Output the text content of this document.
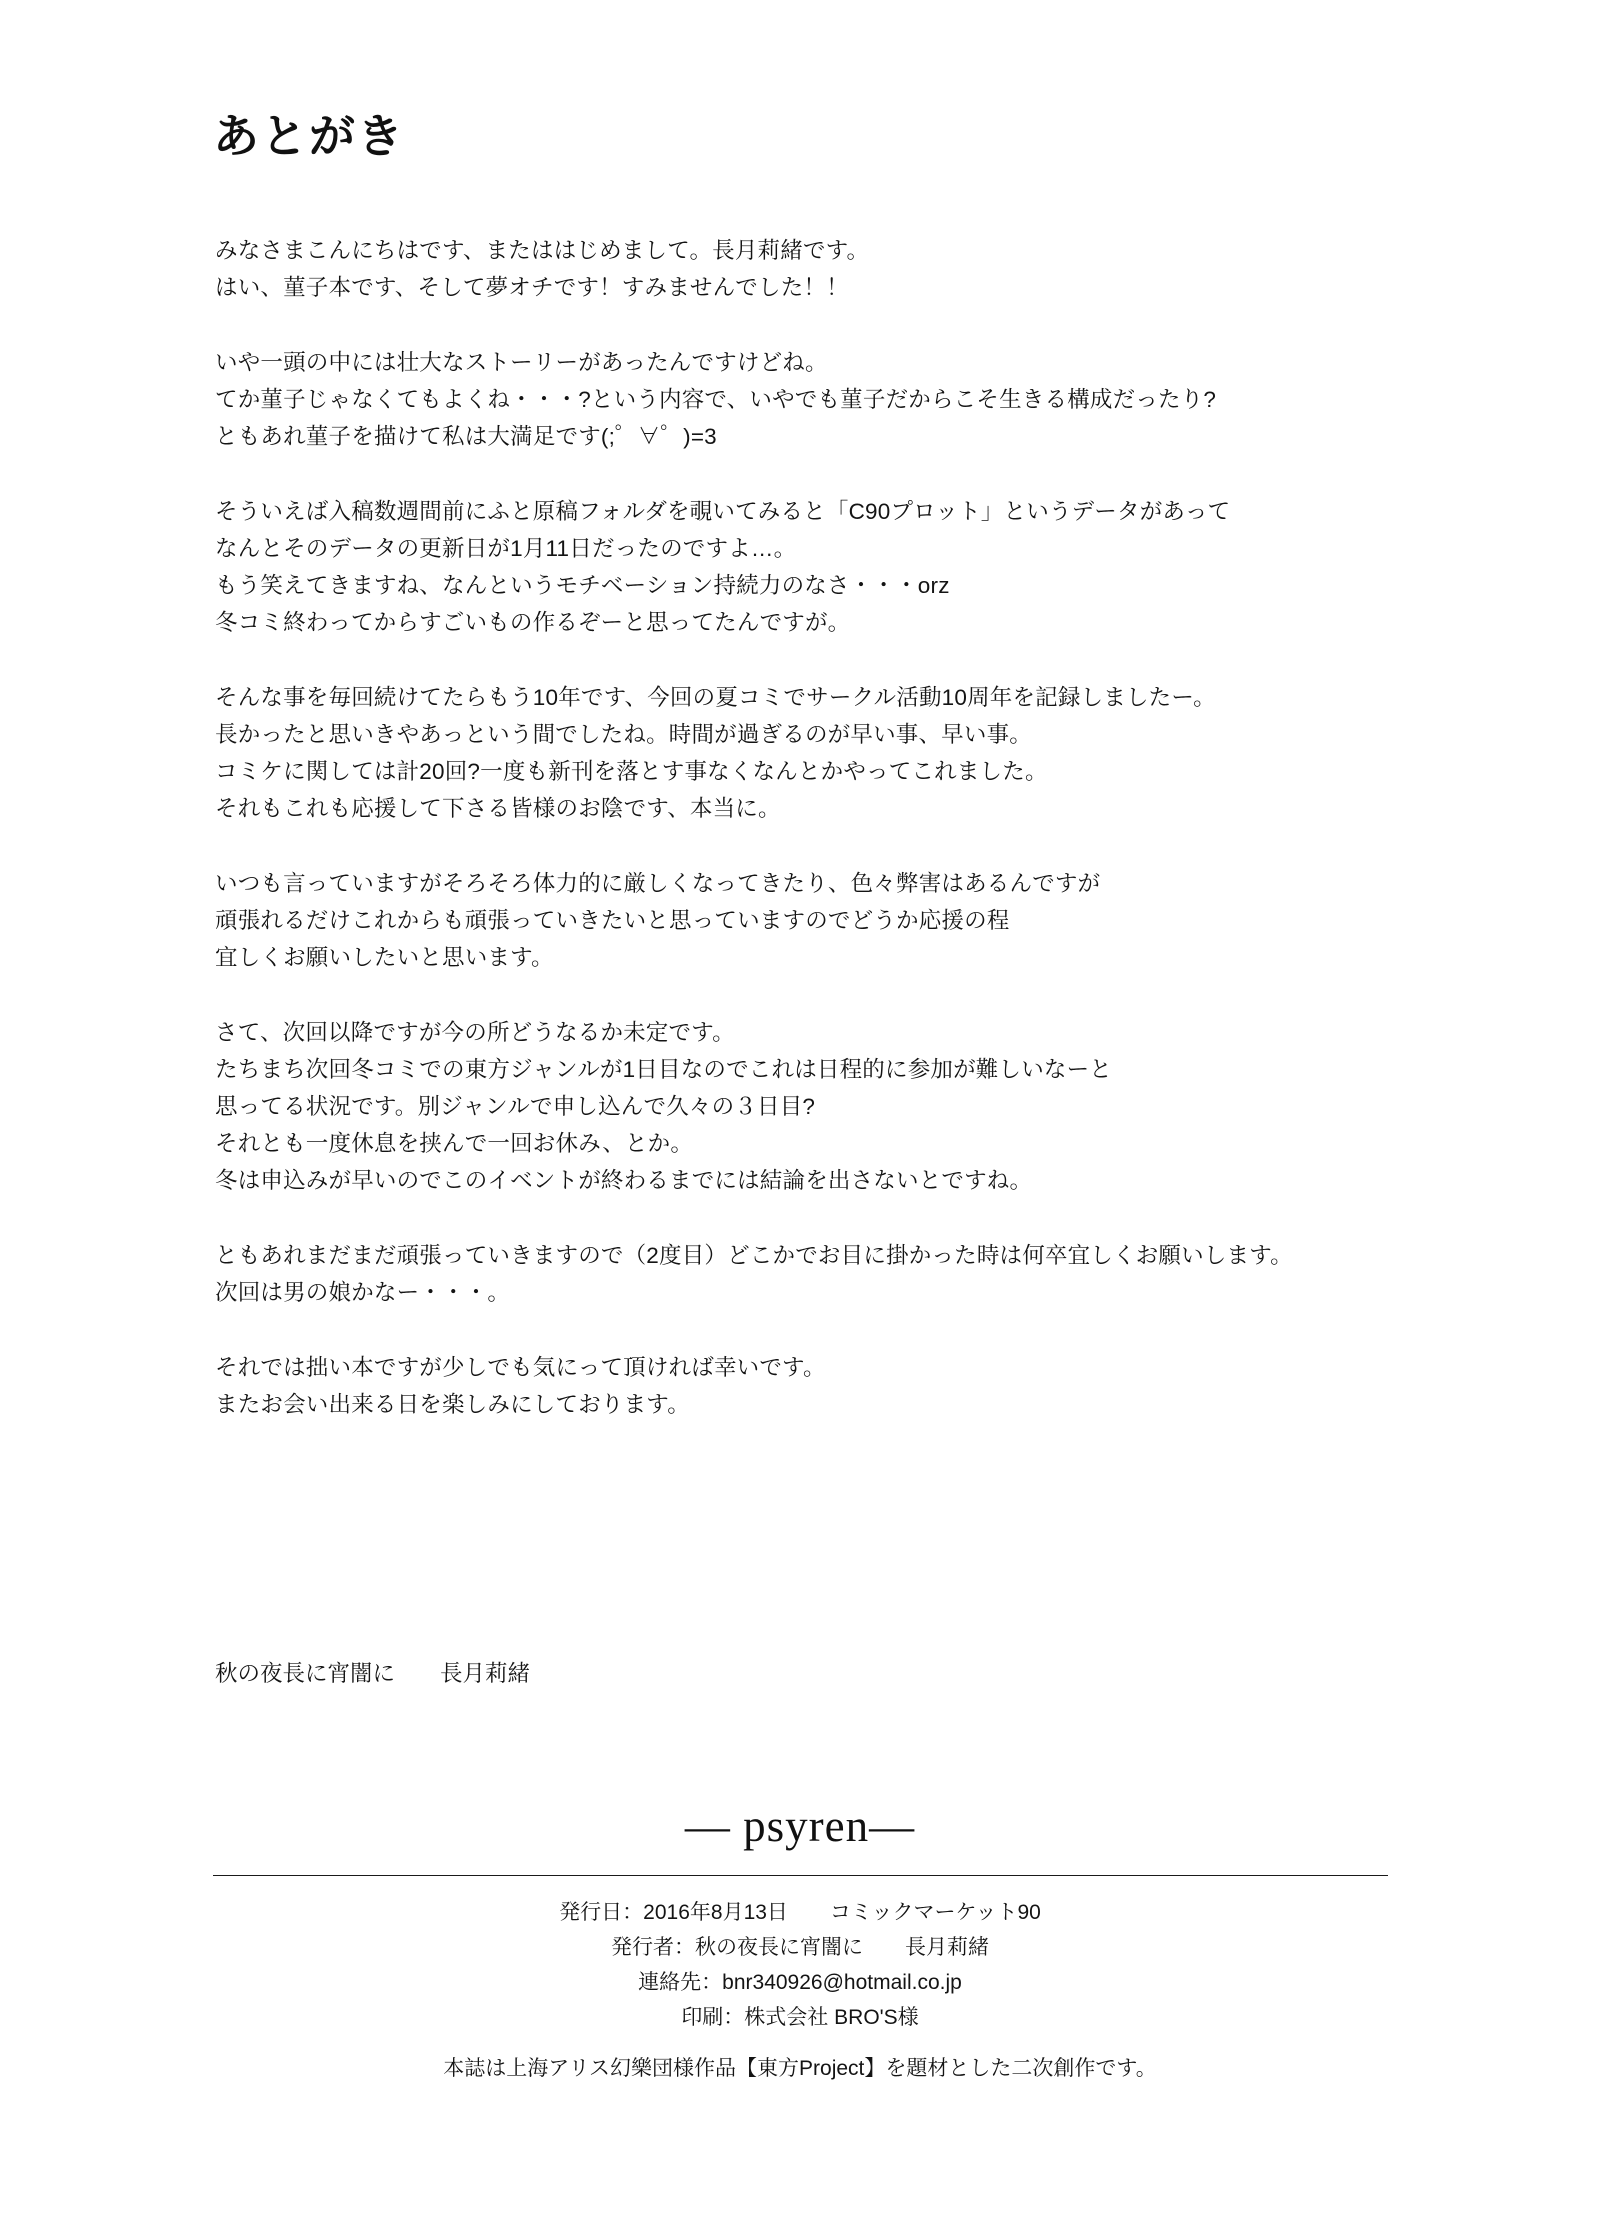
あとがき
みなさまこんにちはです、またははじめまして。長月莉緒です。
はい、菫子本です、そして夢オチです！すみませんでした！！
いや一頭の中には壮大なストーリーがあったんですけどね。
てか菫子じゃなくてもよくね・・・?という内容で、いやでも菫子だからこそ生きる構成だったり?
ともあれ菫子を描けて私は大満足です(;゜∀゜)=3
そういえば入稿数週間前にふと原稿フォルダを覗いてみると「C90プロット」というデータがあって
なんとそのデータの更新日が1月11日だったのですよ…。
もう笑えてきますね、なんというモチベーション持続力のなさ・・・orz
冬コミ終わってからすごいもの作るぞーと思ってたんですが。
そんな事を毎回続けてたらもう10年です、今回の夏コミでサークル活動10周年を記録しましたー。
長かったと思いきやあっという間でしたね。時間が過ぎるのが早い事、早い事。
コミケに関しては計20回?一度も新刊を落とす事なくなんとかやってこれました。
それもこれも応援して下さる皆様のお陰です、本当に。
いつも言っていますがそろそろ体力的に厳しくなってきたり、色々弊害はあるんですが
頑張れるだけこれからも頑張っていきたいと思っていますのでどうか応援の程
宜しくお願いしたいと思います。
さて、次回以降ですが今の所どうなるか未定です。
たちまち次回冬コミでの東方ジャンルが1日目なのでこれは日程的に参加が難しいなーと
思ってる状況です。別ジャンルで申し込んで久々の３日目?
それとも一度休息を挟んで一回お休み、とか。
冬は申込みが早いのでこのイベントが終わるまでには結論を出さないとですね。
ともあれまだまだ頑張っていきますので（2度目）どこかでお目に掛かった時は何卒宜しくお願いします。
次回は男の娘かなー・・・。
それでは拙い本ですが少しでも気にって頂ければ幸いです。
またお会い出来る日を楽しみにしております。
秋の夜長に宵闇に　　長月莉緒
— psyren—
発行日：2016年8月13日　　コミックマーケット90
発行者：秋の夜長に宵闇に　　長月莉緒
連絡先：bnr340926@hotmail.co.jp
印刷：株式会社 BRO'S様
本誌は上海アリス幻樂団様作品【東方Project】を題材とした二次創作です。
